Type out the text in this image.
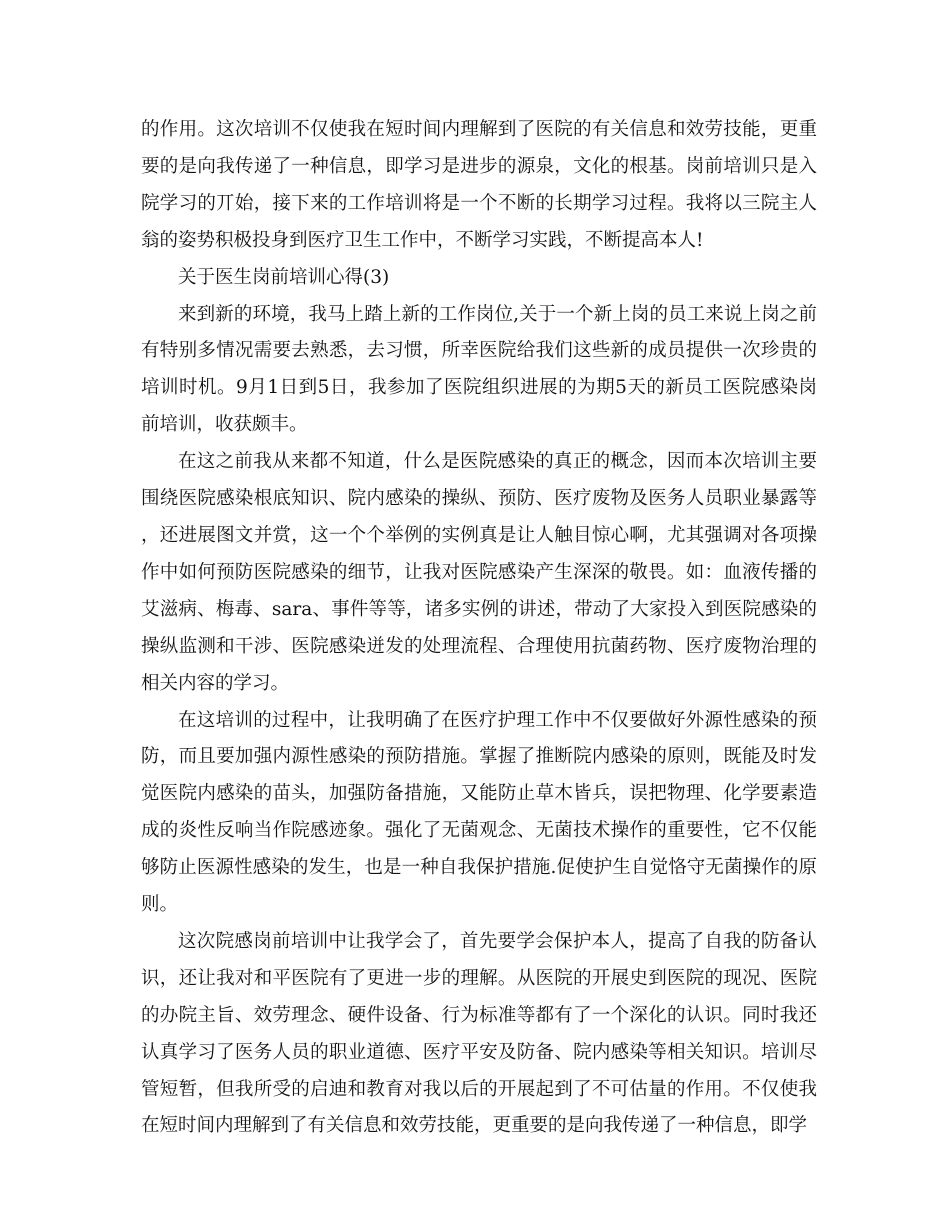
的作用。这次培训不仅使我在短时间内理解到了医院的有关信息和效劳技能，更重要的是向我传递了一种信息，即学习是进步的源泉，文化的根基。岗前培训只是入院学习的丌始，接下来的工作培训将是一个不断的长期学习过程。我将以三院主人翁的姿势积极投身到医疗卫生工作中，不断学习实践，不断提高本人!

关于医生岗前培训心得(3)

来到新的环境，我马上踏上新的工作岗位,关于一个新上岗的员工来说上岗之前有特别多情况需要去熟悉，去习惯，所幸医院给我们这些新的成员提供一次珍贵的培训时机。9月1日到5日，我参加了医院组织进展的为期5天的新员工医院感染岗前培训，收获颇丰。

在这之前我从来都不知道，什么是医院感染的真正的概念，因而本次培训主要围绕医院感染根底知识、院内感染的操纵、预防、医疗废物及医务人员职业暴露等，还进展图文并赏，这一个个举例的实例真是让人触目惊心啊，尤其强调对各项操作中如何预防医院感染的细节，让我对医院感染产生深深的敬畏。如：血液传播的艾滋病、梅毒、sara、事件等等，诸多实例的讲述，带动了大家投入到医院感染的操纵监测和干涉、医院感染迸发的处理流程、合理使用抗菌药物、医疗废物治理的相关内容的学习。

在这培训的过程中，让我明确了在医疗护理工作中不仅要做好外源性感染的预防，而且要加强内源性感染的预防措施。掌握了推断院内感染的原则，既能及时发觉医院内感染的苗头，加强防备措施，又能防止草木皆兵，误把物理、化学要素造成的炎性反响当作院感迹象。强化了无菌观念、无菌技术操作的重要性，它不仅能够防止医源性感染的发生，也是一种自我保护措施.促使护生自觉恪守无菌操作的原则。

这次院感岗前培训中让我学会了，首先要学会保护本人，提高了自我的防备认识，还让我对和平医院有了更进一步的理解。从医院的开展史到医院的现况、医院的办院主旨、效劳理念、硬件设备、行为标准等都有了一个深化的认识。同时我还认真学习了医务人员的职业道德、医疗平安及防备、院内感染等相关知识。培训尽管短暂，但我所受的启迪和教育对我以后的开展起到了不可估量的作用。不仅使我在短时间内理解到了有关信息和效劳技能，更重要的是向我传递了一种信息，即学
